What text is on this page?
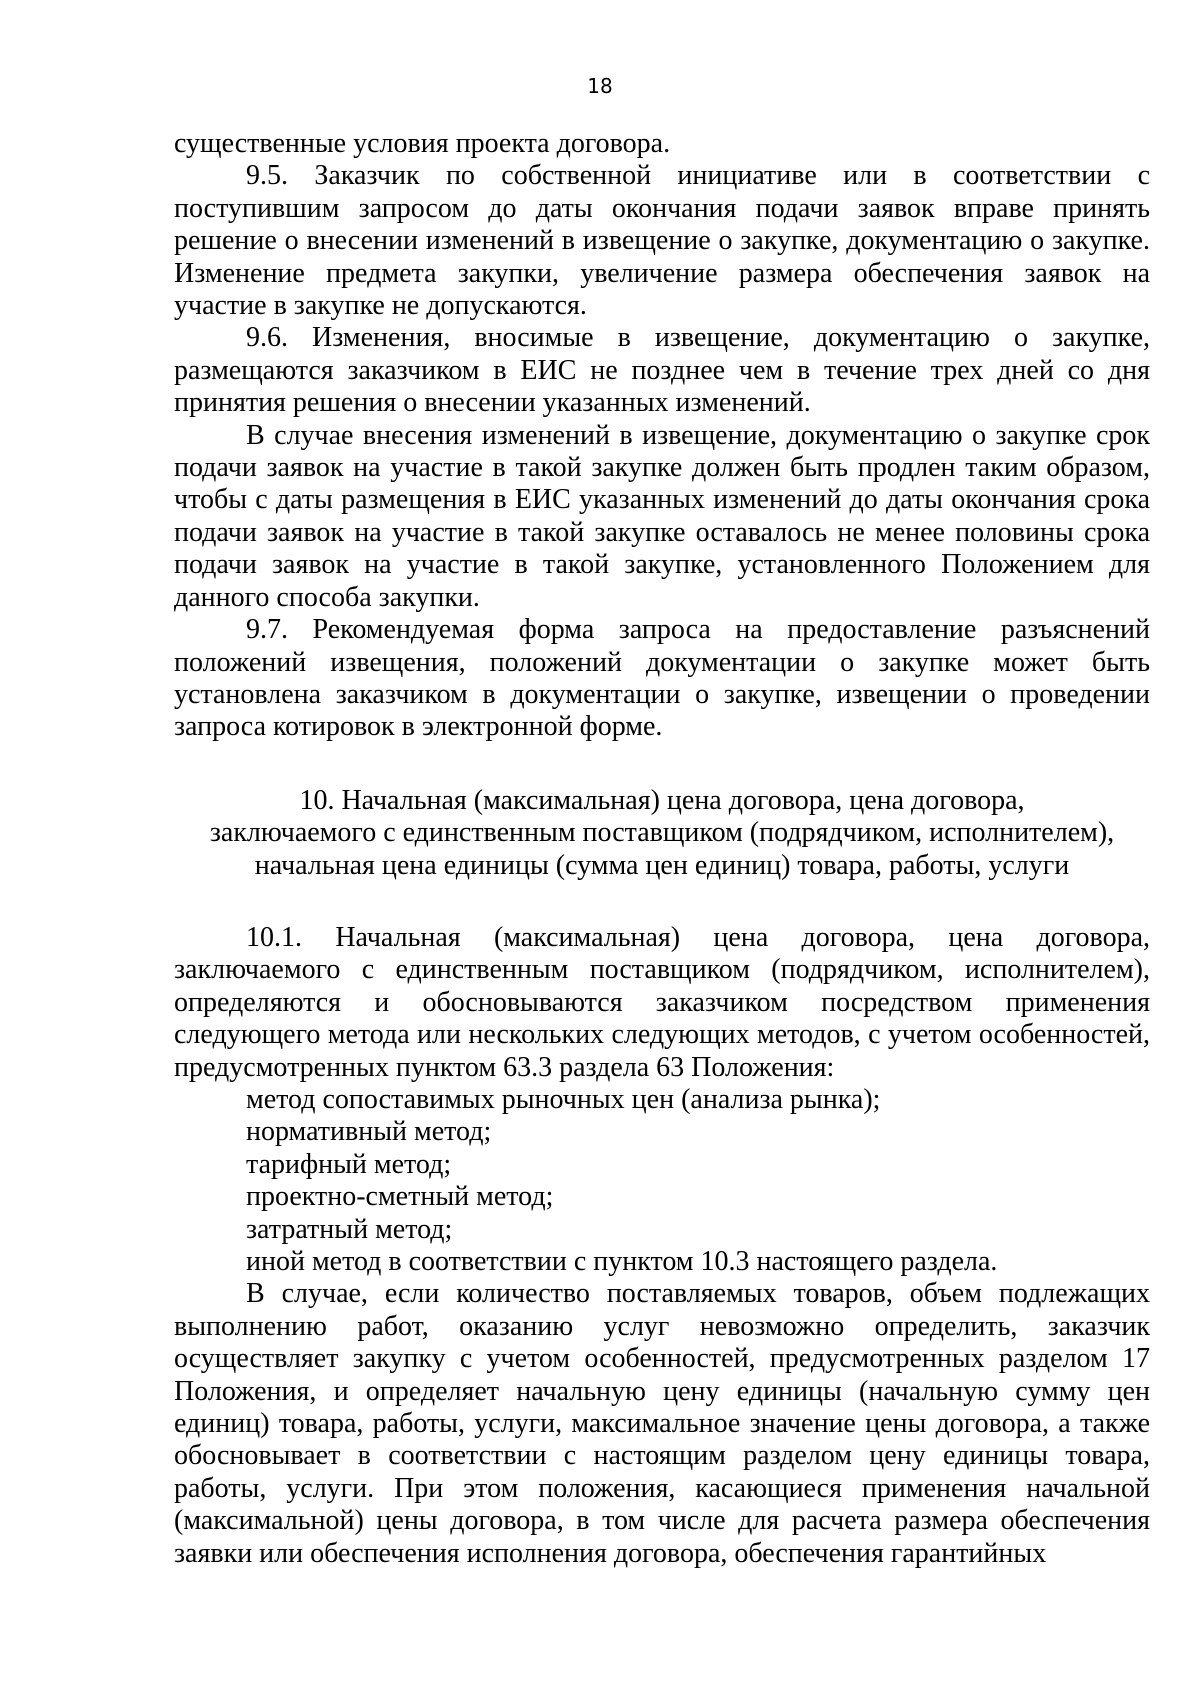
18

существенные условия проекта договора.

9.5. Заказчик по собственной инициативе или в соответствии с поступившим запросом до даты окончания подачи заявок вправе принять решение о внесении изменений в извещение о закупке, документацию о закупке. Изменение предмета закупки, увеличение размера обеспечения заявок на участие в закупке не допускаются.

9.6. Изменения, вносимые в извещение, документацию о закупке, размещаются заказчиком в ЕИС не позднее чем в течение трех дней со дня принятия решения о внесении указанных изменений.

В случае внесения изменений в извещение, документацию о закупке срок подачи заявок на участие в такой закупке должен быть продлен таким образом, чтобы с даты размещения в ЕИС указанных изменений до даты окончания срока подачи заявок на участие в такой закупке оставалось не менее половины срока подачи заявок на участие в такой закупке, установленного Положением для данного способа закупки.

9.7. Рекомендуемая форма запроса на предоставление разъяснений положений извещения, положений документации о закупке может быть установлена заказчиком в документации о закупке, извещении о проведении запроса котировок в электронной форме.

10. Начальная (максимальная) цена договора, цена договора,
заключаемого с единственным поставщиком (подрядчиком, исполнителем),
начальная цена единицы (сумма цен единиц) товара, работы, услуги

10.1. Начальная (максимальная) цена договора, цена договора, заключаемого с единственным поставщиком (подрядчиком, исполнителем), определяются и обосновываются заказчиком посредством применения следующего метода или нескольких следующих методов, с учетом особенностей, предусмотренных пунктом 63.3 раздела 63 Положения:

метод сопоставимых рыночных цен (анализа рынка);

нормативный метод;

тарифный метод;

проектно-сметный метод;

затратный метод;

иной метод в соответствии с пунктом 10.3 настоящего раздела.

В случае, если количество поставляемых товаров, объем подлежащих выполнению работ, оказанию услуг невозможно определить, заказчик осуществляет закупку с учетом особенностей, предусмотренных разделом 17 Положения, и определяет начальную цену единицы (начальную сумму цен единиц) товара, работы, услуги, максимальное значение цены договора, а также обосновывает в соответствии с настоящим разделом цену единицы товара, работы, услуги. При этом положения, касающиеся применения начальной (максимальной) цены договора, в том числе для расчета размера обеспечения заявки или обеспечения исполнения договора, обеспечения гарантийных
